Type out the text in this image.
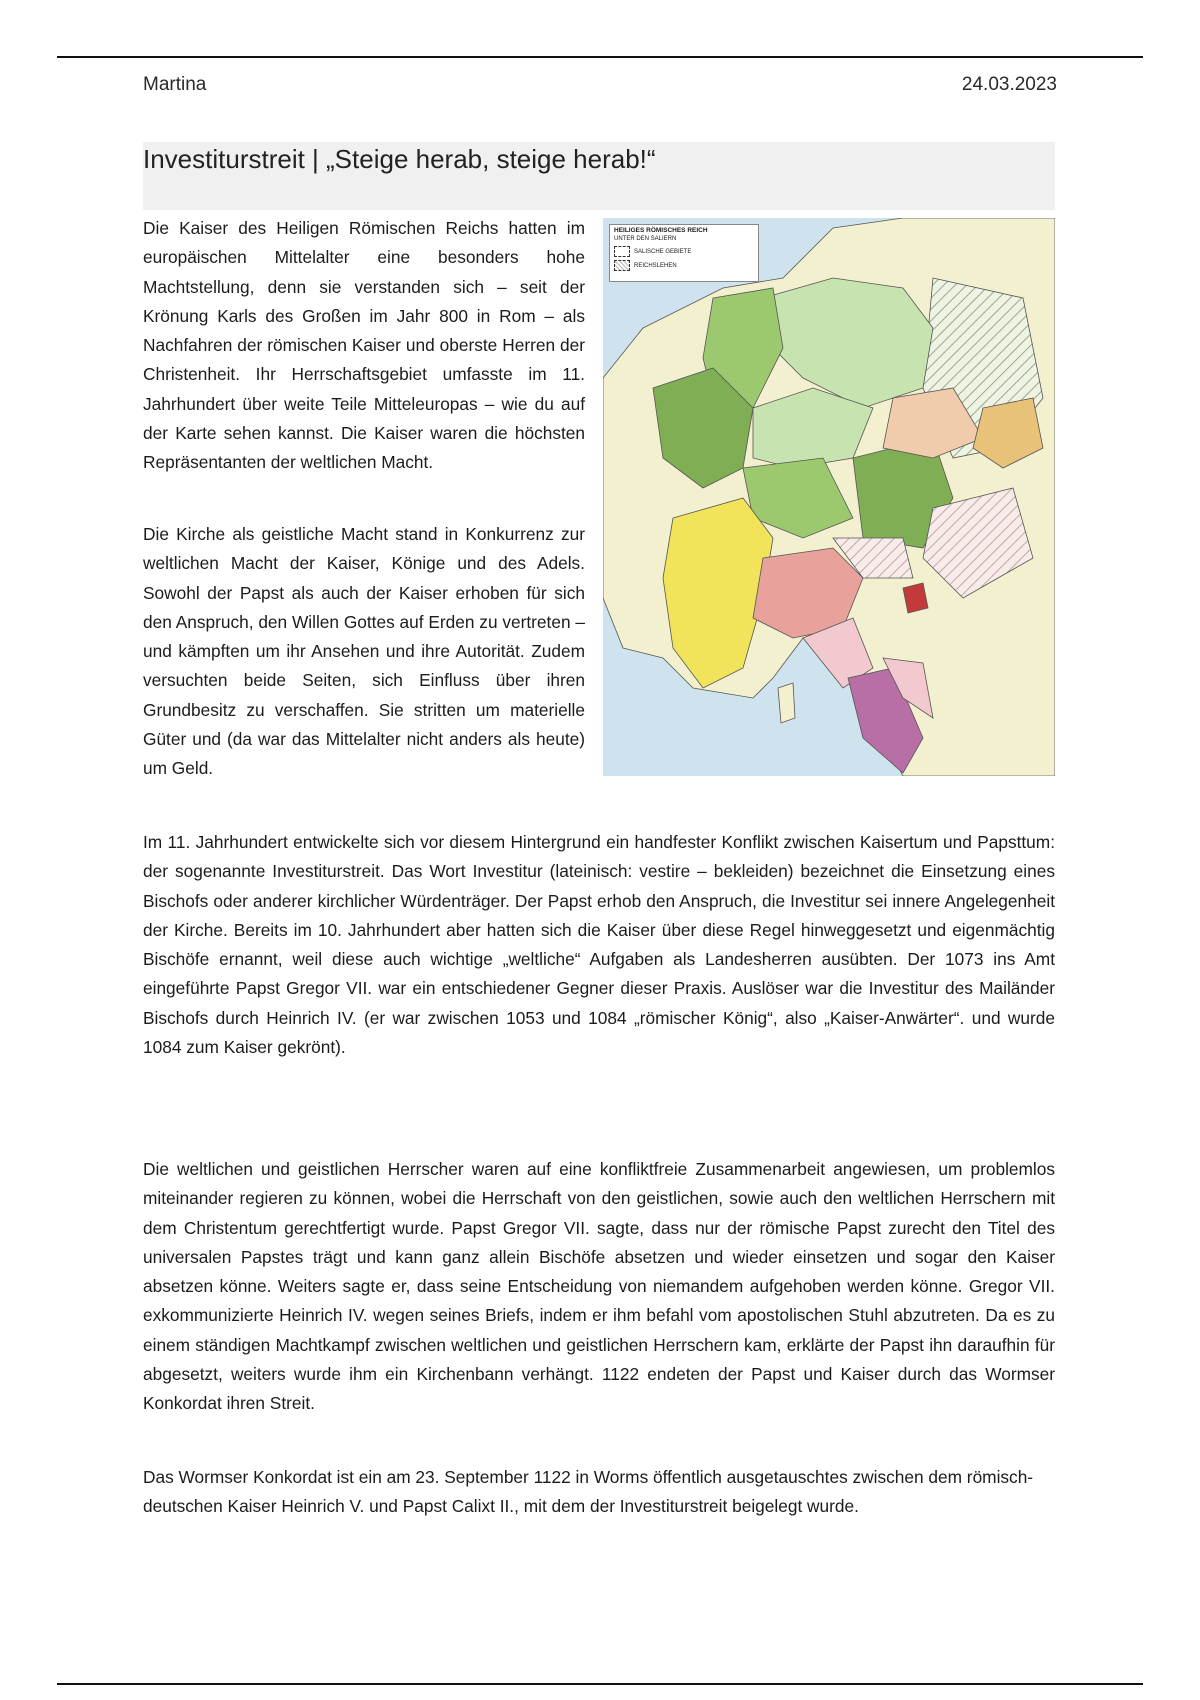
Martina	24.03.2023
Investiturstreit | „Steige herab, steige herab!“
Die Kaiser des Heiligen Römischen Reichs hatten im europäischen Mittelalter eine besonders hohe Machtstellung, denn sie verstanden sich – seit der Krönung Karls des Großen im Jahr 800 in Rom – als Nachfahren der römischen Kaiser und oberste Herren der Christenheit. Ihr Herrschaftsgebiet umfasste im 11. Jahrhundert über weite Teile Mitteleuropas – wie du auf der Karte sehen kannst. Die Kaiser waren die höchsten Repräsentanten der weltlichen Macht.
HEILIGES RÖMISCHES REICH
UNTER DEN SALIERN
SALISCHE GEBIETE
REICHSLEHEN
Die Kirche als geistliche Macht stand in Konkurrenz zur weltlichen Macht der Kaiser, Könige und des Adels. Sowohl der Papst als auch der Kaiser erhoben für sich den Anspruch, den Willen Gottes auf Erden zu vertreten – und kämpften um ihr Ansehen und ihre Autorität. Zudem versuchten beide Seiten, sich Einfluss über ihren Grundbesitz zu verschaffen. Sie stritten um materielle Güter und (da war das Mittelalter nicht anders als heute) um Geld.
Im 11. Jahrhundert entwickelte sich vor diesem Hintergrund ein handfester Konflikt zwischen Kaisertum und Papsttum: der sogenannte Investiturstreit. Das Wort Investitur (lateinisch: vestire – bekleiden) bezeichnet die Einsetzung eines Bischofs oder anderer kirchlicher Würdenträger. Der Papst erhob den Anspruch, die Investitur sei innere Angelegenheit der Kirche. Bereits im 10. Jahrhundert aber hatten sich die Kaiser über diese Regel hinweggesetzt und eigenmächtig Bischöfe ernannt, weil diese auch wichtige „weltliche“ Aufgaben als Landesherren ausübten. Der 1073 ins Amt eingeführte Papst Gregor VII. war ein entschiedener Gegner dieser Praxis. Auslöser war die Investitur des Mailänder Bischofs durch Heinrich IV. (er war zwischen 1053 und 1084 „römischer König“, also „Kaiser-Anwärter“. und wurde 1084 zum Kaiser gekrönt).
Die weltlichen und geistlichen Herrscher waren auf eine konfliktfreie Zusammenarbeit angewiesen, um problemlos miteinander regieren zu können, wobei die Herrschaft von den geistlichen, sowie auch den weltlichen Herrschern mit dem Christentum gerechtfertigt wurde. Papst Gregor VII. sagte, dass nur der römische Papst zurecht den Titel des universalen Papstes trägt und kann ganz allein Bischöfe absetzen und wieder einsetzen und sogar den Kaiser absetzen könne. Weiters sagte er, dass seine Entscheidung von niemandem aufgehoben werden könne. Gregor VII. exkommunizierte Heinrich IV. wegen seines Briefs, indem er ihm befahl vom apostolischen Stuhl abzutreten. Da es zu einem ständigen Machtkampf zwischen weltlichen und geistlichen Herrschern kam, erklärte der Papst ihn daraufhin für abgesetzt, weiters wurde ihm ein Kirchenbann verhängt. 1122 endeten der Papst und Kaiser durch das Wormser Konkordat ihren Streit.
Das Wormser Konkordat ist ein am 23. September 1122 in Worms öffentlich ausgetauschtes zwischen dem römisch-deutschen Kaiser Heinrich V. und Papst Calixt II., mit dem der Investiturstreit beigelegt wurde.
